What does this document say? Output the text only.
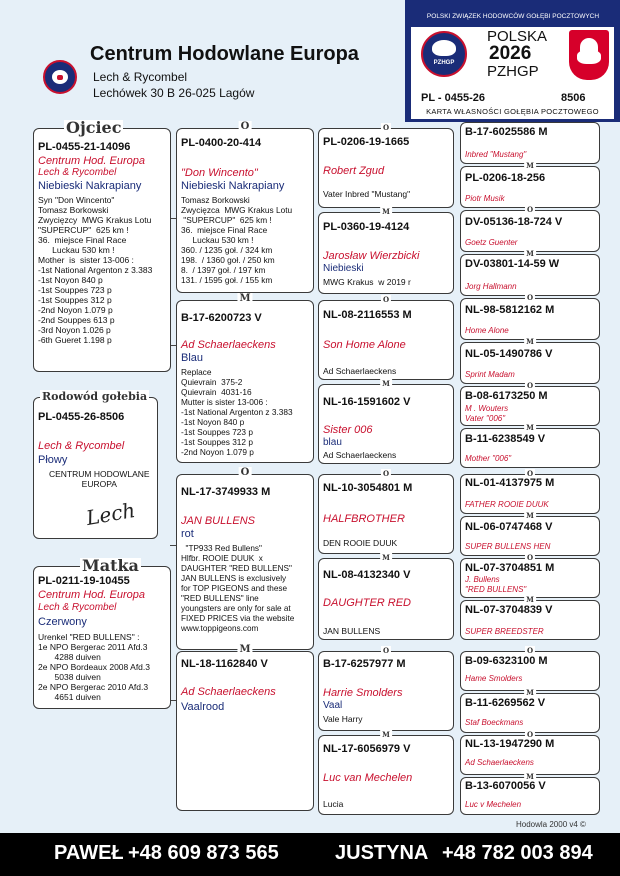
Centrum Hodowlane Europa
Lech & Rycombel
Lechówek 30 B 26-025 Lagów
POLSKI ZWIĄZEK HODOWCÓW GOŁĘBI POCZTOWYCH
PZHGP
POLSKA
2026
PZHGP
PL - 0455-26	8506
KARTA WŁASNOŚCI GOŁĘBIA POCZTOWEGO
Ojciec
PL-0455-21-14096
Centrum Hod. Europa
Lech & Rycombel
Niebieski Nakrapiany
Syn "Don Wincento"
Tomasz Borkowski
Zwycięzcy  MWG Krakus Lotu
"SUPERCUP"  625 km !
36.  miejsce Final Race
Luckau 530 km !
Mother  is  sister 13-006 :
-1st National Argenton z 3.383
-1st Noyon 840 p
-1st Souppes 723 p
-1st Souppes 312 p
-2nd Noyon 1.079 p
-2nd Souppes 613 p
-3rd Noyon 1.026 p
-6th Gueret 1.198 p
Rodowód gołebia
PL-0455-26-8506
Lech & Rycombel
Płowy
CENTRUM HODOWLANE
EUROPA
Lech
Matka
PL-0211-19-10455
Centrum Hod. Europa
Lech & Rycombel
Czerwony
Urenkel "RED BULLENS" :
1e NPO Bergerac 2011 Afd.3
4288 duiven
2e NPO Bordeaux 2008 Afd.3
5038 duiven
2e NPO Bergerac 2010 Afd.3
4651 duiven
O
PL-0400-20-414
"Don Wincento"
Niebieski Nakrapiany
Tomasz Borkowski
Zwycięzca  MWG Krakus Lotu
"SUPERCUP"  625 km !
36.  miejsce Final Race
Luckau 530 km !
360. / 1235 goł. / 324 km
198.  / 1360 goł. / 250 km
8.  / 1397 goł. / 197 km
131. / 1595 goł. / 155 km
M
B-17-6200723 V
Ad Schaerlaeckens
Blau
Replace
Quievrain  375-2
Quievrain  4031-16
Mutter is sister 13-006 :
-1st National Argenton z 3.383
-1st Noyon 840 p
-1st Souppes 723 p
-1st Souppes 312 p
-2nd Noyon 1.079 p
O
NL-17-3749933 M
JAN BULLENS
rot
"TP933 Red Bullens"
Hlfbr. ROOIE DUUK  x
DAUGHTER "RED BULLENS"
JAN BULLENS is exclusively
for TOP PIGEONS and these
"RED BULLENS" line
youngsters are only for sale at
FIXED PRICES via the website
www.toppigeons.com
M
NL-18-1162840 V
Ad Schaerlaeckens
Vaalrood
O
PL-0206-19-1665
Robert Zgud
Vater Inbred "Mustang"
M
PL-0360-19-4124
Jarosław Wierzbicki
Niebieski
MWG Krakus  w 2019 r
O
NL-08-2116553 M
Son Home Alone
Ad Schaerlaeckens
M
NL-16-1591602 V
Sister 006
blau
Ad Schaerlaeckens
O
NL-10-3054801 M
HALFBROTHER
DEN ROOIE DUUK
M
NL-08-4132340 V
DAUGHTER RED
JAN BULLENS
O
B-17-6257977 M
Harrie Smolders
Vaal
Vale Harry
M
NL-17-6056979 V
Luc van Mechelen
Lucia
B-17-6025586 M
Inbred "Mustang"
M
PL-0206-18-256
Piotr Musik
O
DV-05136-18-724 V
Goetz Guenter
M
DV-03801-14-59 W
Jorg Hallmann
O
NL-98-5812162 M
Home Alone
M
NL-05-1490786 V
Sprint Madam
O
B-08-6173250 M
M . Wouters
Vater "006"
M
B-11-6238549 V
Mother "006"
O
NL-01-4137975 M
FATHER ROOIE DUUK
M
NL-06-0747468 V
SUPER BULLENS HEN
O
NL-07-3704851 M
J. Bullens
"RED BULLENS"
M
NL-07-3704839 V
SUPER BREEDSTER
O
B-09-6323100 M
Hame Smolders
M
B-11-6269562 V
Staf Boeckmans
O
NL-13-1947290 M
Ad Schaerlaeckens
M
B-13-6070056 V
Luc v Mechelen
Hodowla 2000 v4 ©
PAWEŁ +48 609 873 565	JUSTYNA +48 782 003 894
